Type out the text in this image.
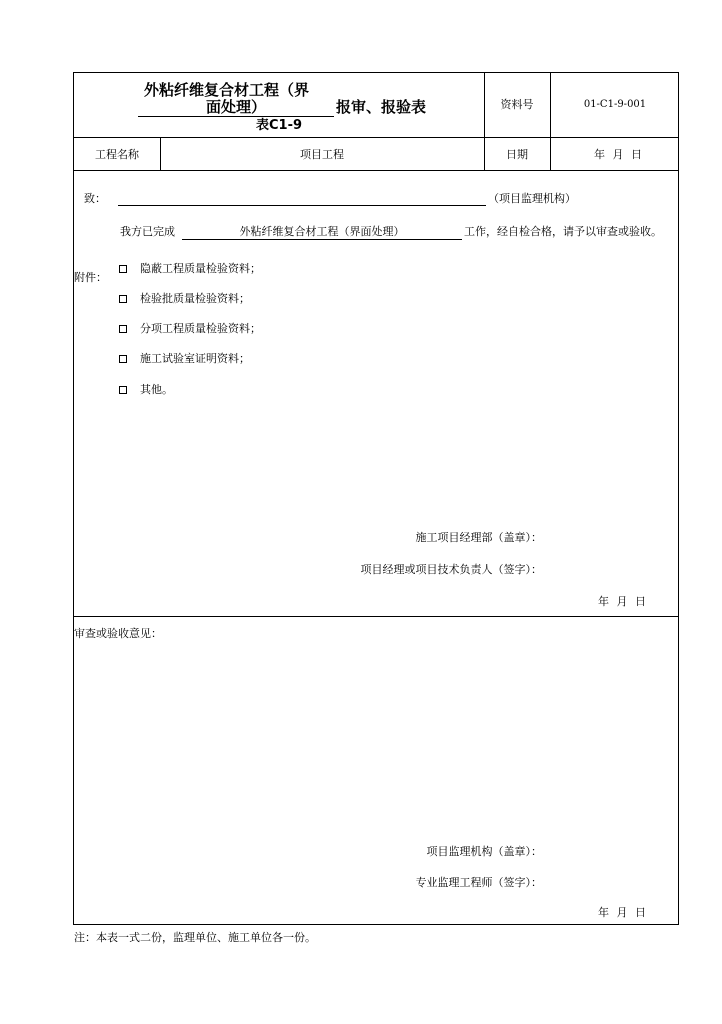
外粘纤维复合材工程（界
面处理）	报审、报验表
表C1-9
资料号	01-C1-9-001
工程名称	项目工程	日期	年 月 日
致：	（项目监理机构）
我方已完成	外粘纤维复合材工程（界面处理）	工作，经自检合格，请予以审查或验收。
附件：
隐蔽工程质量检验资料；
检验批质量检验资料；
分项工程质量检验资料；
施工试验室证明资料；
其他。
施工项目经理部（盖章）：
项目经理或项目技术负责人（签字）：
年 月 日
审查或验收意见：
项目监理机构（盖章）：
专业监理工程师（签字）：
年 月 日
注：本表一式二份，监理单位、施工单位各一份。
